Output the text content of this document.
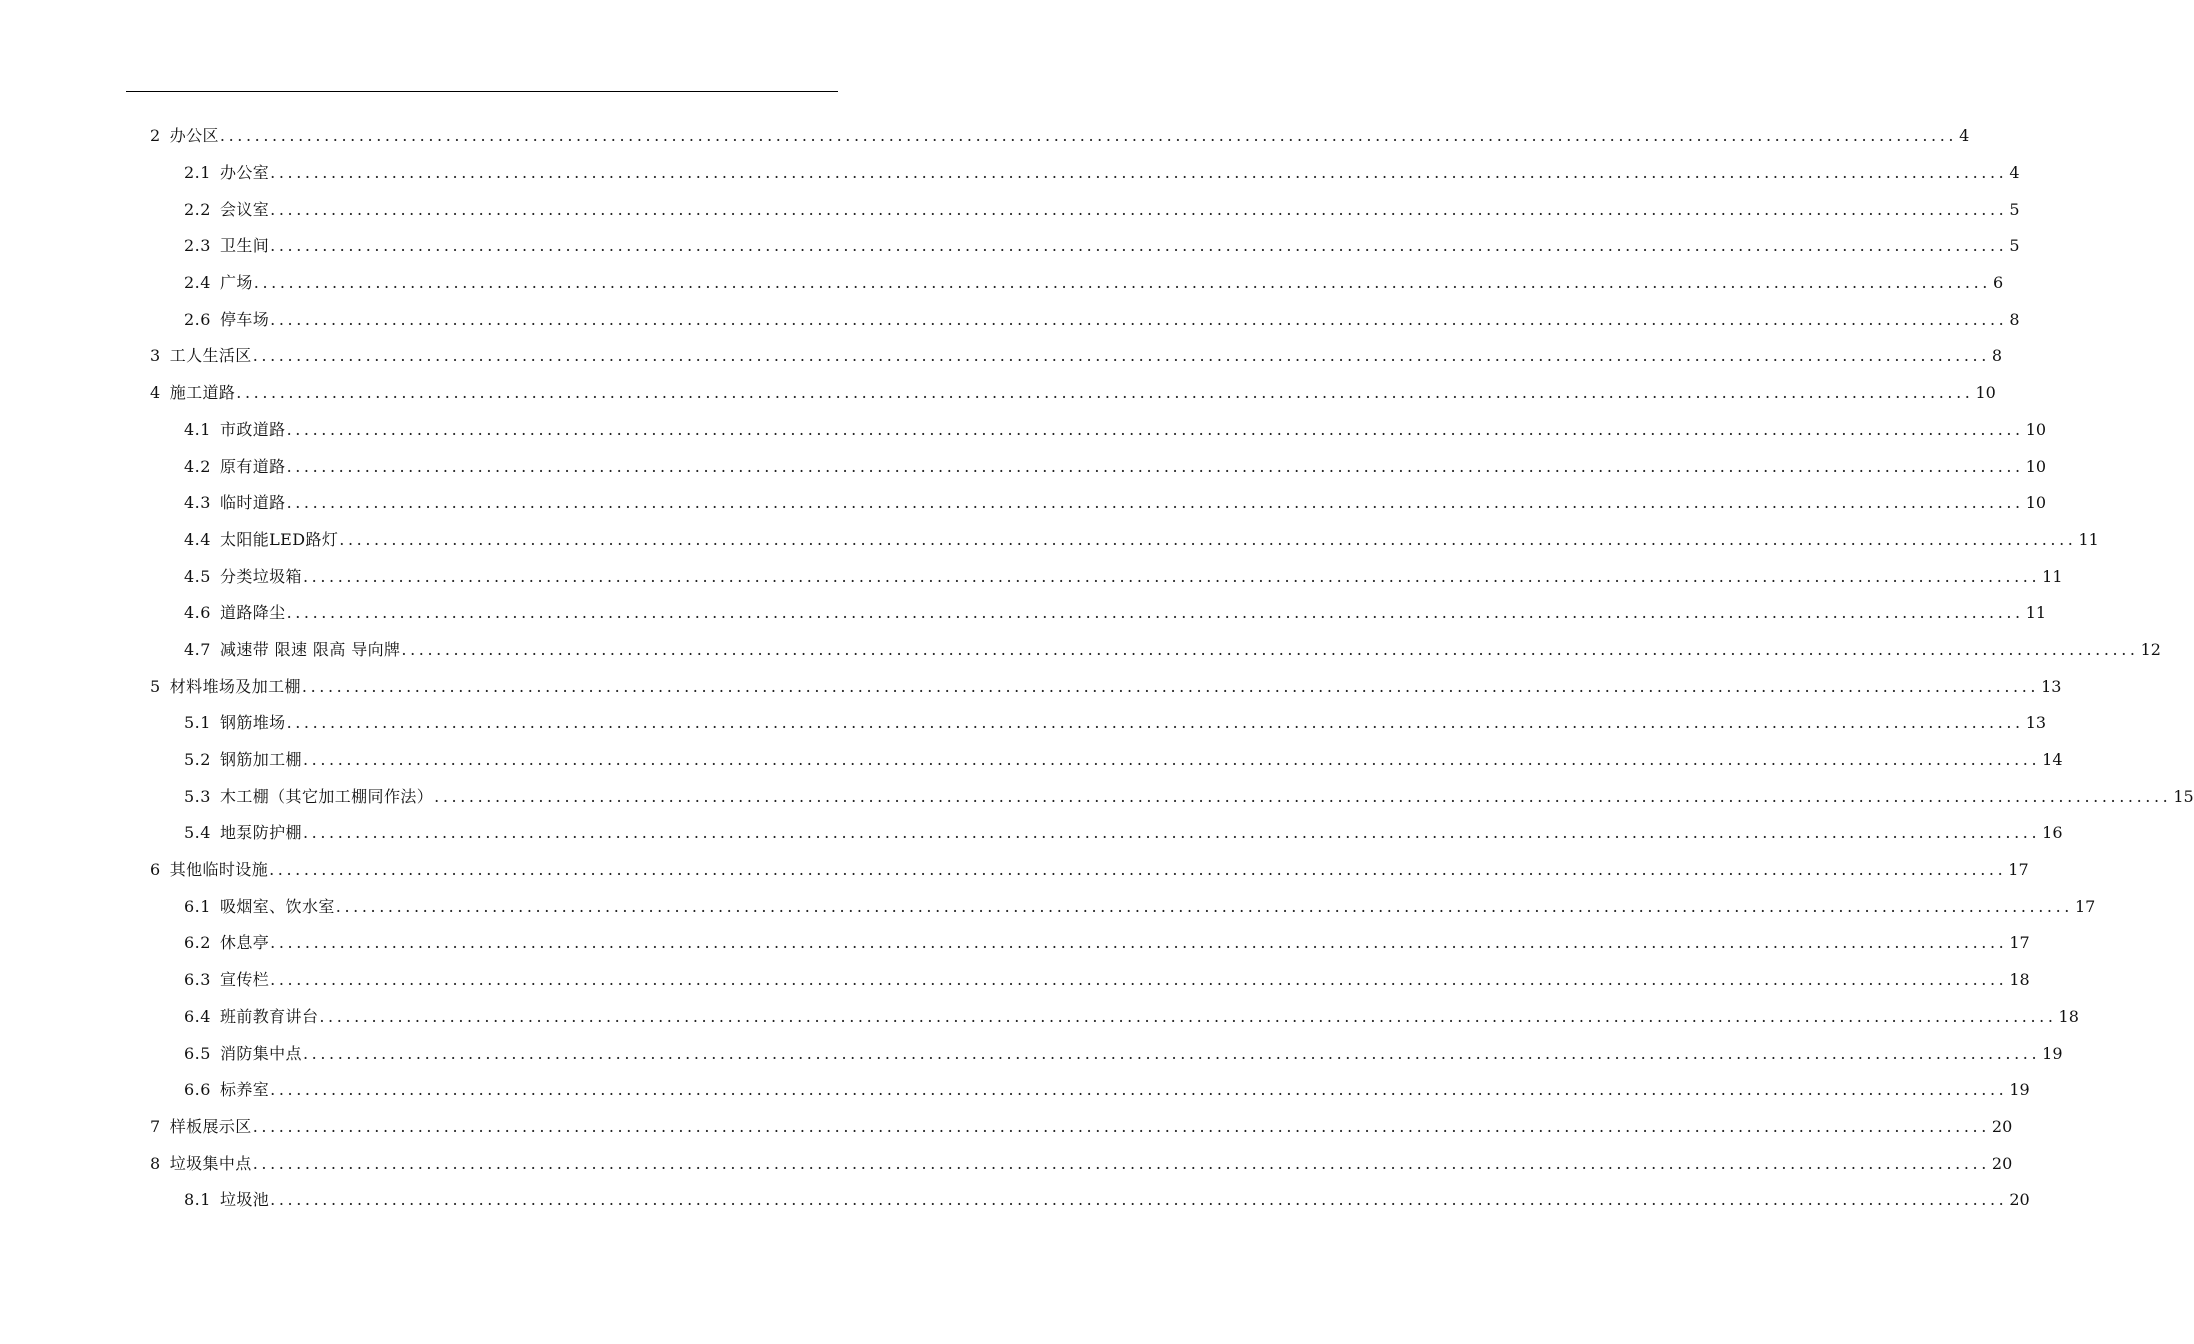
2 办公区 ........................................................................................................................................................................................................ 4
2.1 办公室 ........................................................................................................................................................................................................ 4
2.2 会议室 ........................................................................................................................................................................................................ 5
2.3 卫生间 ........................................................................................................................................................................................................ 5
2.4 广场 ........................................................................................................................................................................................................ 6
2.6 停车场 ........................................................................................................................................................................................................ 8
3 工人生活区 ........................................................................................................................................................................................................ 8
4 施工道路 ........................................................................................................................................................................................................ 10
4.1 市政道路 ........................................................................................................................................................................................................ 10
4.2 原有道路 ........................................................................................................................................................................................................ 10
4.3 临时道路 ........................................................................................................................................................................................................ 10
4.4 太阳能LED路灯 ........................................................................................................................................................................................................ 11
4.5 分类垃圾箱 ........................................................................................................................................................................................................ 11
4.6 道路降尘 ........................................................................................................................................................................................................ 11
4.7 减速带 限速 限高 导向牌 ........................................................................................................................................................................................................ 12
5 材料堆场及加工棚 ........................................................................................................................................................................................................ 13
5.1 钢筋堆场 ........................................................................................................................................................................................................ 13
5.2 钢筋加工棚 ........................................................................................................................................................................................................ 14
5.3 木工棚（其它加工棚同作法） ........................................................................................................................................................................................................ 15
5.4 地泵防护棚 ........................................................................................................................................................................................................ 16
6 其他临时设施 ........................................................................................................................................................................................................ 17
6.1 吸烟室、饮水室 ........................................................................................................................................................................................................ 17
6.2 休息亭 ........................................................................................................................................................................................................ 17
6.3 宣传栏 ........................................................................................................................................................................................................ 18
6.4 班前教育讲台 ........................................................................................................................................................................................................ 18
6.5 消防集中点 ........................................................................................................................................................................................................ 19
6.6 标养室 ........................................................................................................................................................................................................ 19
7 样板展示区 ........................................................................................................................................................................................................ 20
8 垃圾集中点 ........................................................................................................................................................................................................ 20
8.1 垃圾池 ........................................................................................................................................................................................................ 20
